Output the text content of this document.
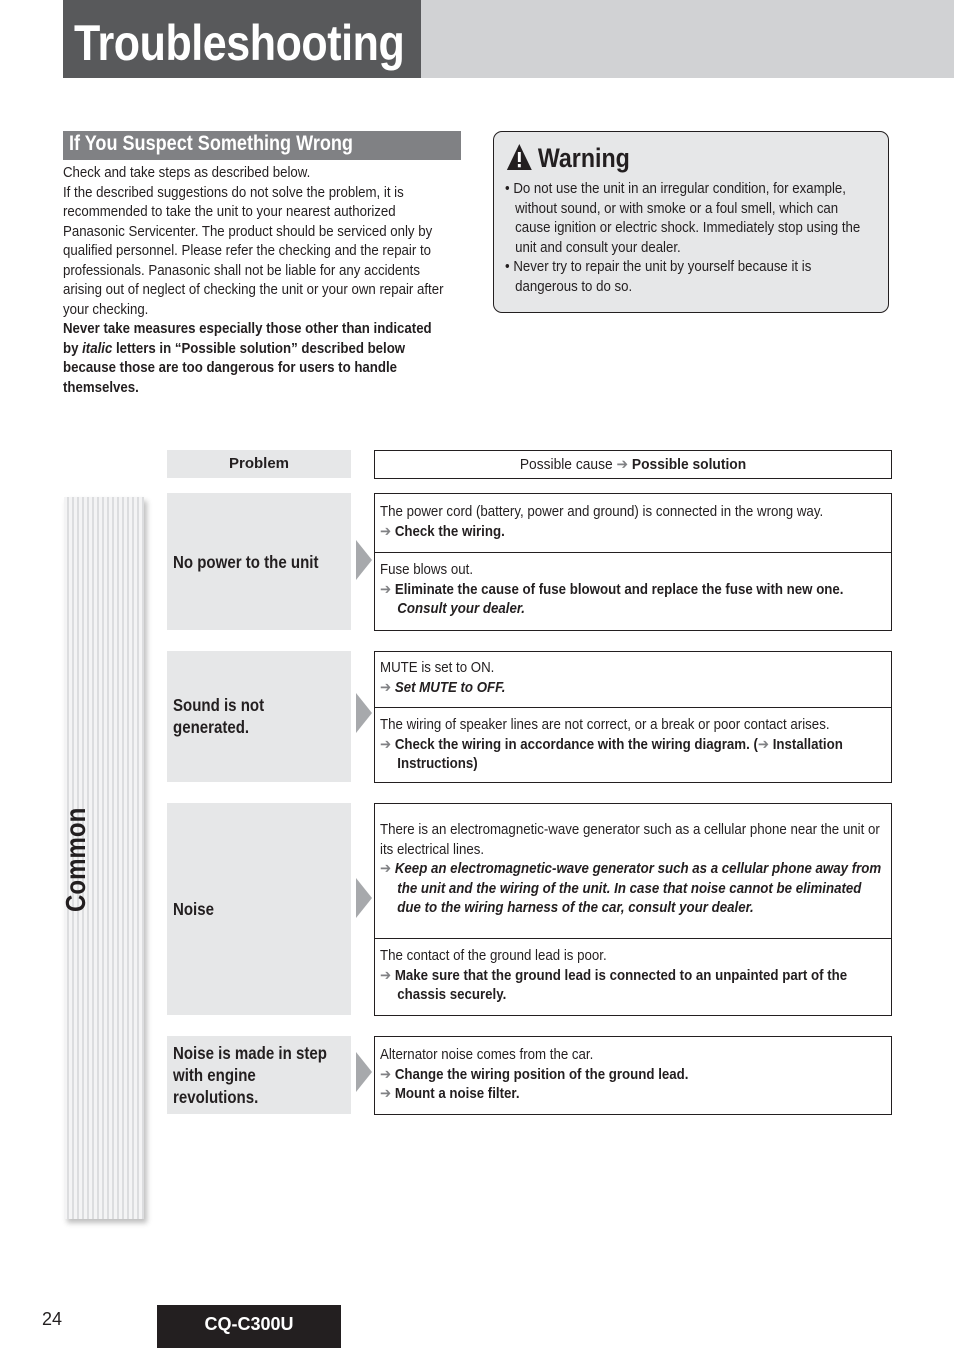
Troubleshooting
If You Suspect Something Wrong

Check and take steps as described below.

If the described suggestions do not solve the problem, it is recommended to take the unit to your nearest authorized Panasonic Servicenter. The product should be serviced only by qualified personnel. Please refer the checking and the repair to professionals. Panasonic shall not be liable for any accidents arising out of neglect of checking the unit or your own repair after your checking.

Never take measures especially those other than indicated by italic letters in “Possible solution” described below because those are too dangerous for users to handle themselves.

Warning
• Do not use the unit in an irregular condition, for example, without sound, or with smoke or a foul smell, which can cause ignition or electric shock. Immediately stop using the unit and consult your dealer.
• Never try to repair the unit by yourself because it is dangerous to do so.
Problem	Possible cause ➔ Possible solution
Common
No power to the unit
The power cord (battery, power and ground) is connected in the wrong way.
➔ Check the wiring.
Fuse blows out.
➔ Eliminate the cause of fuse blowout and replace the fuse with new one.
Consult your dealer.
Sound is not generated.
MUTE is set to ON.
➔ Set MUTE to OFF.
The wiring of speaker lines are not correct, or a break or poor contact arises.
➔ Check the wiring in accordance with the wiring diagram. (➔ Installation Instructions)
Noise
There is an electromagnetic-wave generator such as a cellular phone near the unit or its electrical lines.
➔ Keep an electromagnetic-wave generator such as a cellular phone away from the unit and the wiring of the unit. In case that noise cannot be eliminated due to the wiring harness of the car, consult your dealer.
The contact of the ground lead is poor.
➔ Make sure that the ground lead is connected to an unpainted part of the chassis securely.
Noise is made in step with engine revolutions.
Alternator noise comes from the car.
➔ Change the wiring position of the ground lead.
➔ Mount a noise filter.
24	CQ-C300U
